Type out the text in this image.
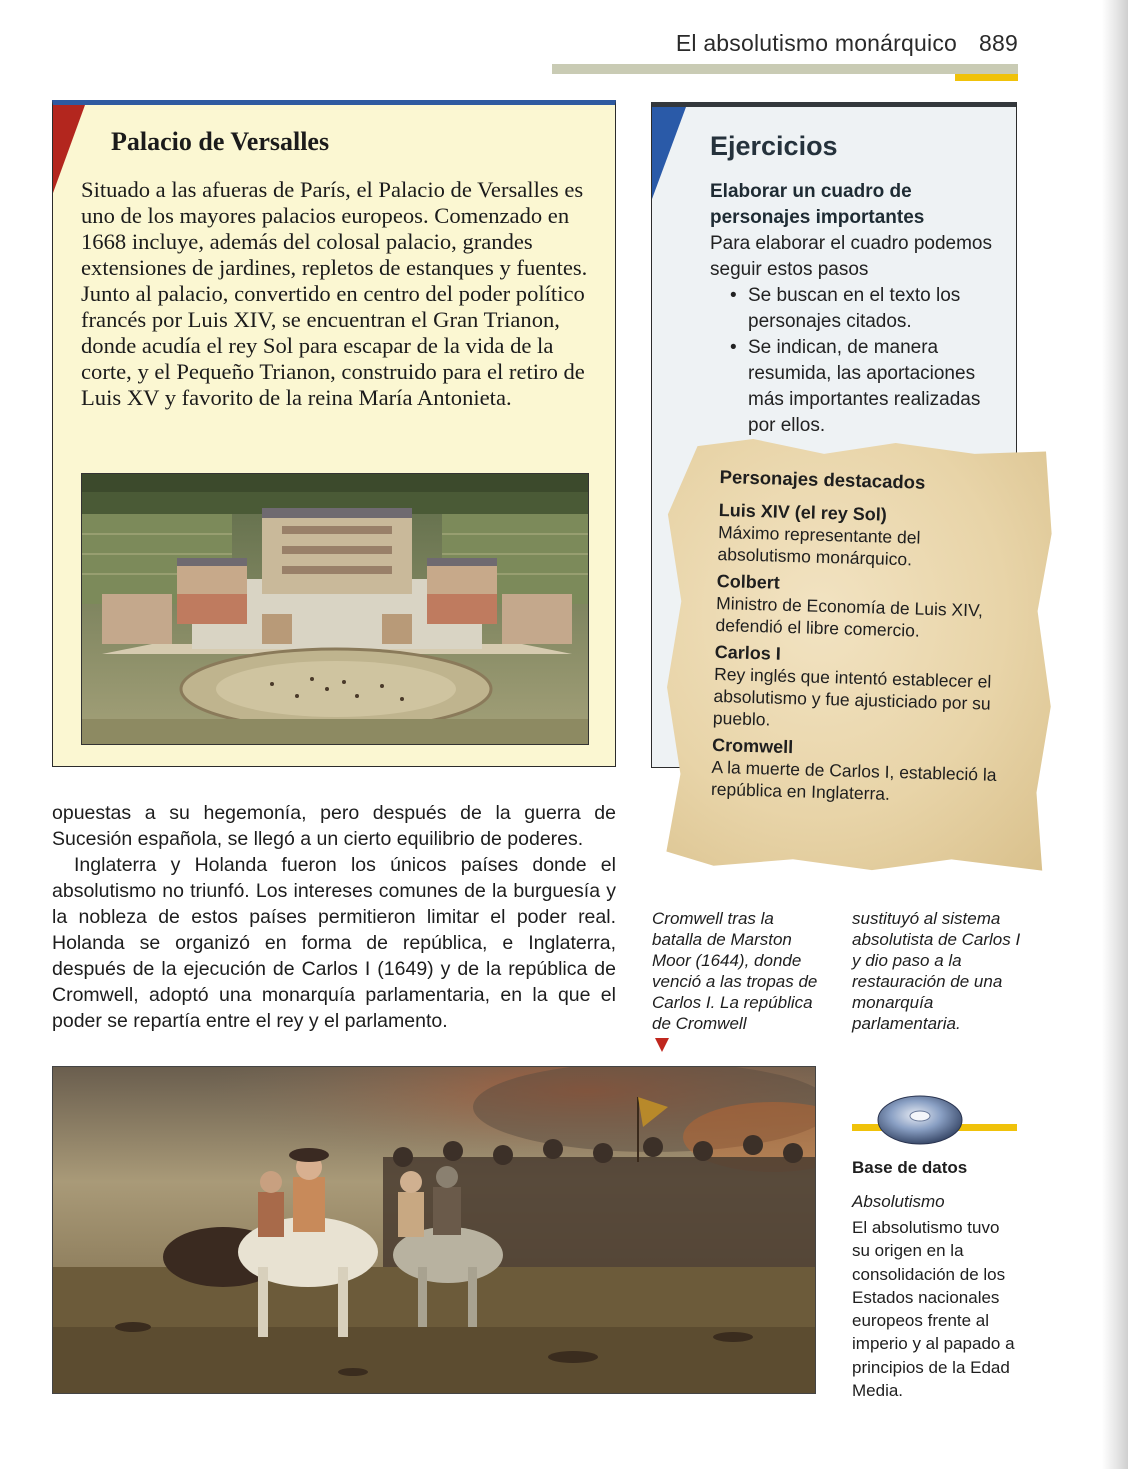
El absolutismo monárquico 889
Palacio de Versalles
Situado a las afueras de París, el Palacio de Versalles es uno de los mayores palacios europeos. Comenzado en 1668 incluye, además del colosal palacio, grandes extensiones de jardines, repletos de estanques y fuentes. Junto al palacio, convertido en centro del poder político francés por Luis XIV, se encuentran el Gran Trianon, donde acudía el rey Sol para escapar de la vida de la corte, y el Pequeño Trianon, construido para el retiro de Luis XV y favorito de la reina María Antonieta.
Ejercicios
Elaborar un cuadro de personajes importantes
Para elaborar el cuadro podemos seguir estos pasos
• Se buscan en el texto los personajes citados.
• Se indican, de manera resumida, las aportaciones más importantes realizadas por ellos.
Personajes destacados
Luis XIV (el rey Sol)
Máximo representante del absolutismo monárquico.
Colbert
Ministro de Economía de Luis XIV, defendió el libre comercio.
Carlos I
Rey inglés que intentó establecer el absolutismo y fue ajusticiado por su pueblo.
Cromwell
A la muerte de Carlos I, estableció la república en Inglaterra.

opuestas a su hegemonía, pero después de la guerra de Sucesión española, se llegó a un cierto equilibrio de poderes.

Inglaterra y Holanda fueron los únicos países donde el absolutismo no triunfó. Los intereses comunes de la burguesía y la nobleza de estos países permitieron limitar el poder real. Holanda se organizó en forma de república, e Inglaterra, después de la ejecución de Carlos I (1649) y de la república de Cromwell, adoptó una monarquía parlamentaria, en la que el poder se repartía entre el rey y el parlamento.

Cromwell tras la batalla de Marston Moor (1644), donde venció a las tropas de Carlos I. La república de Cromwell
sustituyó al sistema absolutista de Carlos I y dio paso a la restauración de una monarquía parlamentaria.
Base de datos
Absolutismo
El absolutismo tuvo su origen en la consolidación de los Estados nacionales europeos frente al imperio y al papado a principios de la Edad Media.
